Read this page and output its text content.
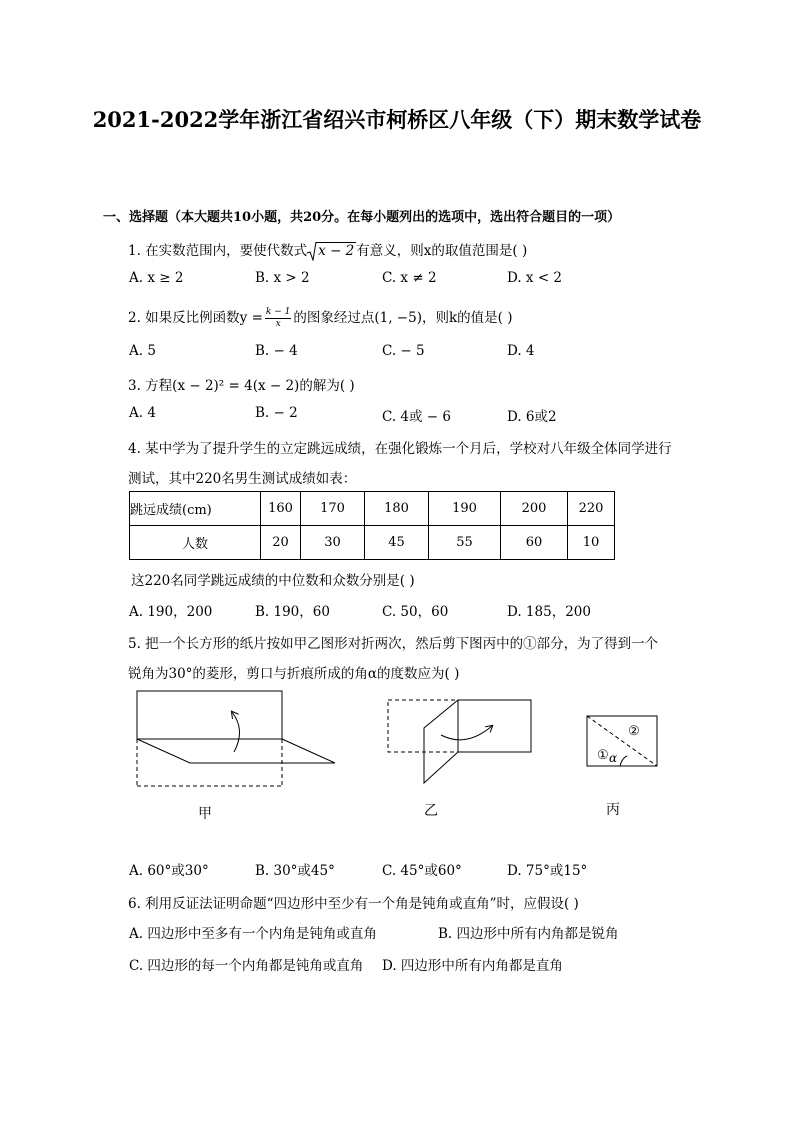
2021-2022学年浙江省绍兴市柯桥区八年级（下）期末数学试卷
一、选择题（本大题共10小题，共20分。在每小题列出的选项中，选出符合题目的一项）
1. 在实数范围内，要使代数式 x − 2 有意义，则x的取值范围是( )
A. x ≥ 2	B. x > 2	C. x ≠ 2	D. x < 2
2. 如果反比例函数$y = \frac{k - 1}{x}$ 的图象经过点(1, −5)，则k的值是( )
A. 5	B. − 4	C. − 5	D. 4
3. 方程(x − 2)² = 4(x − 2)的解为( )
A. 4	B. − 2	C. 4或 − 6	D. 6或2
4. 某中学为了提升学生的立定跳远成绩，在强化锻炼一个月后，学校对八年级全体同学进行
测试，其中220名男生测试成绩如表：
跳远成绩(cm)	160	170	180	190	200	220
人数	20	30	45	55	60	10
这220名同学跳远成绩的中位数和众数分别是( )
A. 190，200	B. 190，60	C. 50，60	D. 185，200
5. 把一个长方形的纸片按如甲乙图形对折两次，然后剪下图丙中的①部分，为了得到一个
锐角为30°的菱形，剪口与折痕所成的角α的度数应为( )
①
②
α
甲	乙	丙
A. 60°或30°	B. 30°或45°	C. 45°或60°	D. 75°或15°
6. 利用反证法证明命题“四边形中至少有一个角是钝角或直角”时，应假设( )
A. 四边形中至多有一个内角是钝角或直角	B. 四边形中所有内角都是锐角
C. 四边形的每一个内角都是钝角或直角 D. 四边形中所有内角都是直角
